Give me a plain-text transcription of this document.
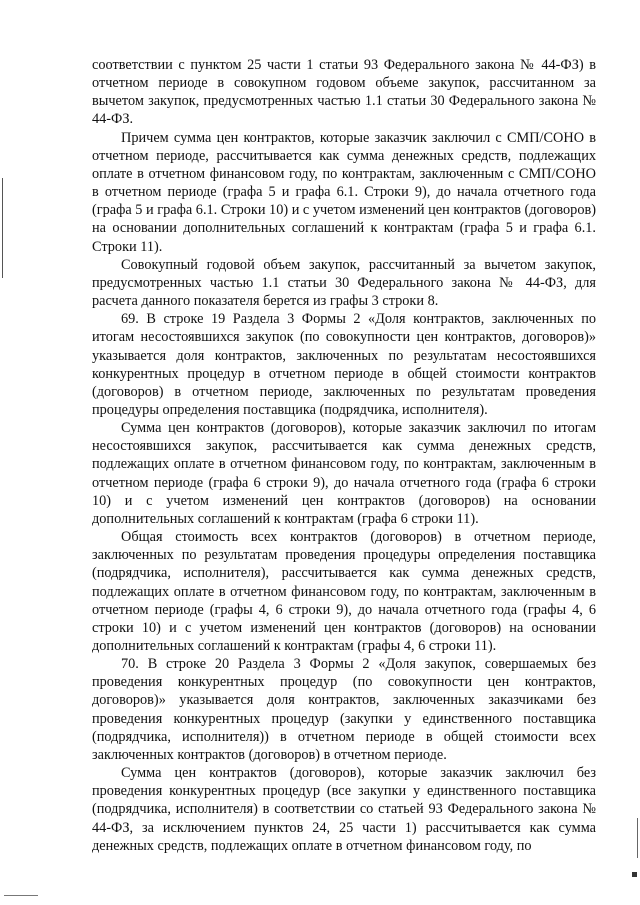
соответствии с пунктом 25 части 1 статьи 93 Федерального закона № 44-ФЗ) в отчетном периоде в совокупном годовом объеме закупок, рассчитанном за вычетом закупок, предусмотренных частью 1.1 статьи 30 Федерального закона № 44-ФЗ.

Причем сумма цен контрактов, которые заказчик заключил с СМП/СОНО в отчетном периоде, рассчитывается как сумма денежных средств, подлежащих оплате в отчетном финансовом году, по контрактам, заключенным с СМП/СОНО в отчетном периоде (графа 5 и графа 6.1. Строки 9), до начала отчетного года (графа 5 и графа 6.1. Строки 10) и с учетом изменений цен контрактов (договоров) на основании дополнительных соглашений к контрактам (графа 5 и графа 6.1. Строки 11).

Совокупный годовой объем закупок, рассчитанный за вычетом закупок, предусмотренных частью 1.1 статьи 30 Федерального закона № 44-ФЗ, для расчета данного показателя берется из графы 3 строки 8.

69. В строке 19 Раздела 3 Формы 2 «Доля контрактов, заключенных по итогам несостоявшихся закупок (по совокупности цен контрактов, договоров)» указывается доля контрактов, заключенных по результатам несостоявшихся конкурентных процедур в отчетном периоде в общей стоимости контрактов (договоров) в отчетном периоде, заключенных по результатам проведения процедуры определения поставщика (подрядчика, исполнителя).

Сумма цен контрактов (договоров), которые заказчик заключил по итогам несостоявшихся закупок, рассчитывается как сумма денежных средств, подлежащих оплате в отчетном финансовом году, по контрактам, заключенным в отчетном периоде (графа 6 строки 9), до начала отчетного года (графа 6 строки 10) и с учетом изменений цен контрактов (договоров) на основании дополнительных соглашений к контрактам (графа 6 строки 11).

Общая стоимость всех контрактов (договоров) в отчетном периоде, заключенных по результатам проведения процедуры определения поставщика (подрядчика, исполнителя), рассчитывается как сумма денежных средств, подлежащих оплате в отчетном финансовом году, по контрактам, заключенным в отчетном периоде (графы 4, 6 строки 9), до начала отчетного года (графы 4, 6 строки 10) и с учетом изменений цен контрактов (договоров) на основании дополнительных соглашений к контрактам (графы 4, 6 строки 11).

70. В строке 20 Раздела 3 Формы 2 «Доля закупок, совершаемых без проведения конкурентных процедур (по совокупности цен контрактов, договоров)» указывается доля контрактов, заключенных заказчиками без проведения конкурентных процедур (закупки у единственного поставщика (подрядчика, исполнителя)) в отчетном периоде в общей стоимости всех заключенных контрактов (договоров) в отчетном периоде.

Сумма цен контрактов (договоров), которые заказчик заключил без проведения конкурентных процедур (все закупки у единственного поставщика (подрядчика, исполнителя) в соответствии со статьей 93 Федерального закона № 44-ФЗ, за исключением пунктов 24, 25 части 1) рассчитывается как сумма денежных средств, подлежащих оплате в отчетном финансовом году, по
